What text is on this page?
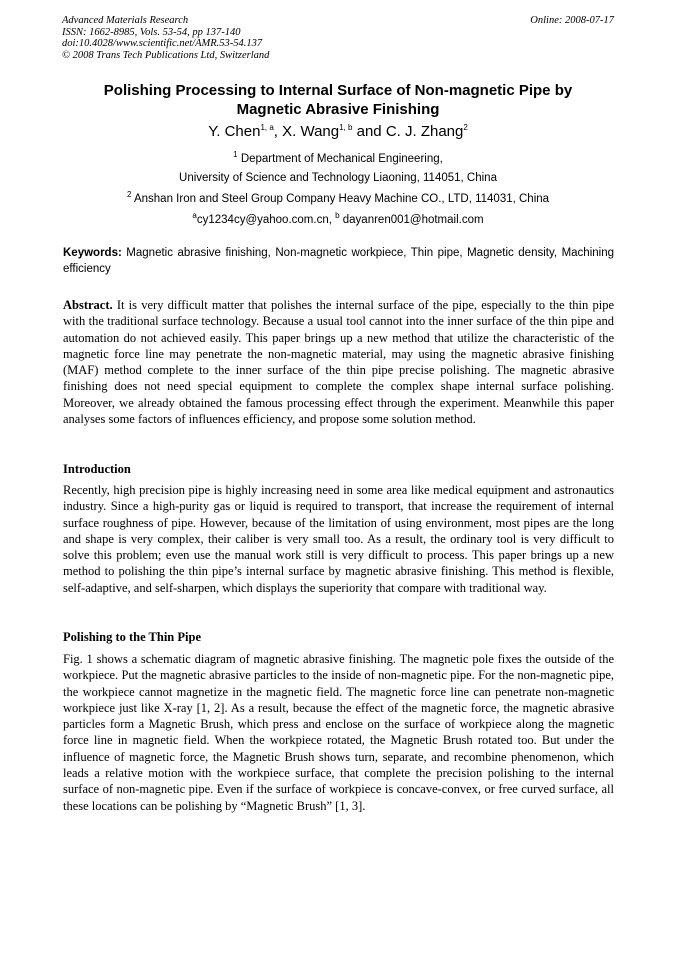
Advanced Materials Research
ISSN: 1662-8985, Vols. 53-54, pp 137-140
doi:10.4028/www.scientific.net/AMR.53-54.137
© 2008 Trans Tech Publications Ltd, Switzerland
Online: 2008-07-17
Polishing Processing to Internal Surface of Non-magnetic Pipe by
Magnetic Abrasive Finishing
Y. Chen$^{1, a}$, X. Wang$^{1, b}$ and C. J. Zhang$^2$
$^1$ Department of Mechanical Engineering,
University of Science and Technology Liaoning, 114051, China
$^2$ Anshan Iron and Steel Group Company Heavy Machine CO., LTD, 114031, China
$^a$cy1234cy@yahoo.com.cn, $^b$ dayanren001@hotmail.com
Keywords: Magnetic abrasive finishing, Non-magnetic workpiece, Thin pipe, Magnetic density, Machining efficiency
Abstract. It is very difficult matter that polishes the internal surface of the pipe, especially to the thin pipe with the traditional surface technology. Because a usual tool cannot into the inner surface of the thin pipe and automation do not achieved easily. This paper brings up a new method that utilize the characteristic of the magnetic force line may penetrate the non-magnetic material, may using the magnetic abrasive finishing (MAF) method complete to the inner surface of the thin pipe precise polishing. The magnetic abrasive finishing does not need special equipment to complete the complex shape internal surface polishing. Moreover, we already obtained the famous processing effect through the experiment. Meanwhile this paper analyses some factors of influences efficiency, and propose some solution method.
Introduction
Recently, high precision pipe is highly increasing need in some area like medical equipment and astronautics industry. Since a high-purity gas or liquid is required to transport, that increase the requirement of internal surface roughness of pipe. However, because of the limitation of using environment, most pipes are the long and shape is very complex, their caliber is very small too. As a result, the ordinary tool is very difficult to solve this problem; even use the manual work still is very difficult to process. This paper brings up a new method to polishing the thin pipe’s internal surface by magnetic abrasive finishing. This method is flexible, self-adaptive, and self-sharpen, which displays the superiority that compare with traditional way.
Polishing to the Thin Pipe
Fig. 1 shows a schematic diagram of magnetic abrasive finishing. The magnetic pole fixes the outside of the workpiece. Put the magnetic abrasive particles to the inside of non-magnetic pipe. For the non-magnetic pipe, the workpiece cannot magnetize in the magnetic field. The magnetic force line can penetrate non-magnetic workpiece just like X-ray [1, 2]. As a result, because the effect of the magnetic force, the magnetic abrasive particles form a Magnetic Brush, which press and enclose on the surface of workpiece along the magnetic force line in magnetic field. When the workpiece rotated, the Magnetic Brush rotated too. But under the influence of magnetic force, the Magnetic Brush shows turn, separate, and recombine phenomenon, which leads a relative motion with the workpiece surface, that complete the precision polishing to the internal surface of non-magnetic pipe. Even if the surface of workpiece is concave-convex, or free curved surface, all these locations can be polishing by “Magnetic Brush” [1, 3].
